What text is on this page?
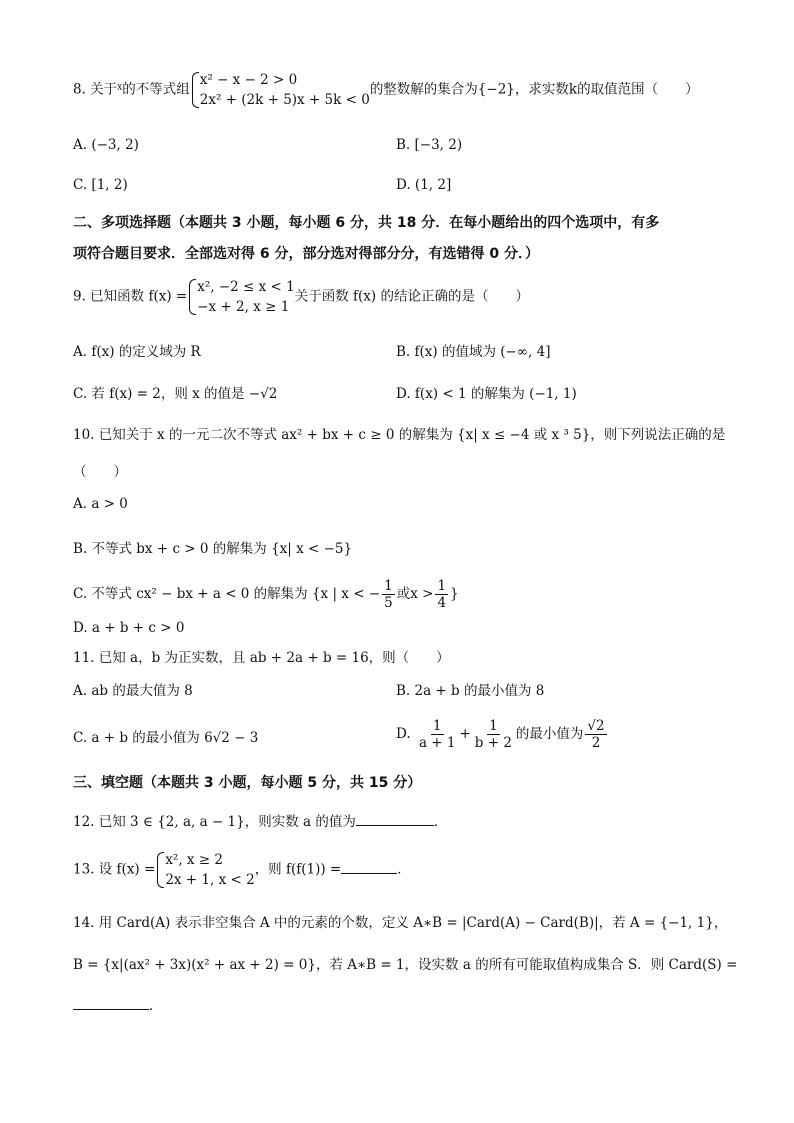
8. 关于$^x$的不等式组
x² − x − 2 > 0
2x² + (2k + 5)x + 5k < 0
的整数解的集合为{−2}，求实数k的取值范围（　　）
A. (−3, 2)	B. [−3, 2)
C. [1, 2)	D. (1, 2]
二、多项选择题（本题共 3 小题，每小题 6 分，共 18 分．在每小题给出的四个选项中，有多
项符合题目要求．全部选对得 6 分，部分选对得部分分，有选错得 0 分．）
9. 已知函数 f(x) =
x², −2 ≤ x < 1
−x + 2, x ≥ 1
关于函数 f(x) 的结论正确的是（　　）
A. f(x) 的定义域为 R	B. f(x) 的值域为 (−∞, 4]
C. 若 f(x) = 2，则 x 的值是 −√2	D. f(x) < 1 的解集为 (−1, 1)
10. 已知关于 x 的一元二次不等式 ax² + bx + c ≥ 0 的解集为 {x| x ≤ −4 或 x ³ 5}，则下列说法正确的是
（　　）
A. a > 0
B. 不等式 bx + c > 0 的解集为 {x| x < −5}
C. 不等式 cx² − bx + a < 0 的解集为 {x | x < − $\frac{1}{5}$ 或$x > \frac{1}{4}$ }
D. a + b + c > 0
11. 已知 a，b 为正实数，且 ab + 2a + b = 16，则（　　）
A. ab 的最大值为 8	B. 2a + b 的最小值为 8
C. a + b 的最小值为 6√2 − 3	D. $\frac{1}{a + 1} + \frac{1}{b + 2}$ 的最小值为 $\frac{√2}{2}$
三、填空题（本题共 3 小题，每小题 5 分，共 15 分）
12. 已知 3 ∈ {2, a, a − 1}，则实数 a 的值为	．
13. 设 f(x) =
x², x ≥ 2
2x + 1, x < 2
，则 f(f(1)) =	．
14. 用 Card(A) 表示非空集合 A 中的元素的个数，定义 A∗B = |Card(A) − Card(B)|，若 A = {−1, 1}，
B = {x|(ax² + 3x)(x² + ax + 2) = 0}，若 A∗B = 1，设实数 a 的所有可能取值构成集合 S．则 Card(S) =
．
